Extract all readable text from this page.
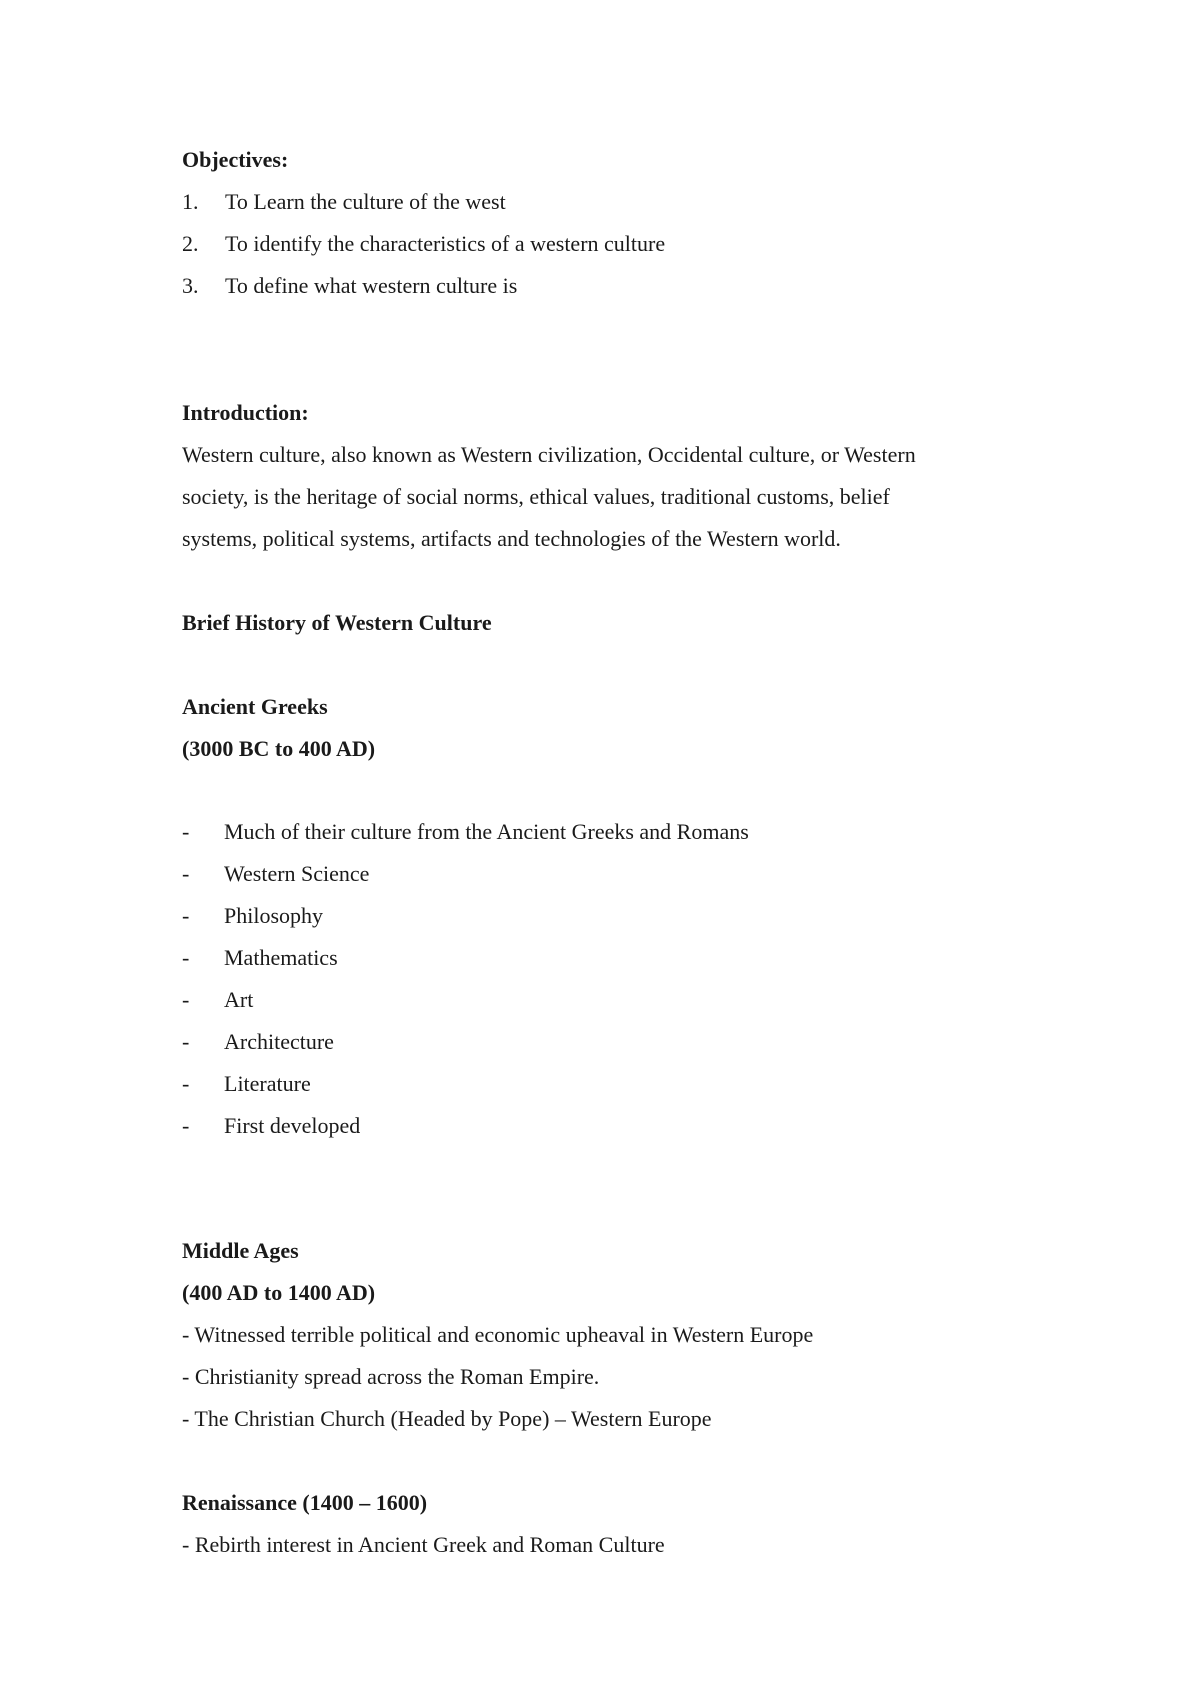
Objectives:
1.	To Learn the culture of the west
2.	To identify the characteristics of a western culture
3.	To define what western culture is
Introduction:
Western culture, also known as Western civilization, Occidental culture, or Western
society, is the heritage of social norms, ethical values, traditional customs, belief
systems, political systems, artifacts and technologies of the Western world.
Brief History of Western Culture
Ancient Greeks
(3000 BC to 400 AD)
-	Much of their culture from the Ancient Greeks and Romans
-	Western Science
-	Philosophy
-	Mathematics
-	Art
-	Architecture
-	Literature
-	First developed
Middle Ages
(400 AD to 1400 AD)
- Witnessed terrible political and economic upheaval in Western Europe
- Christianity spread across the Roman Empire.
- The Christian Church (Headed by Pope) – Western Europe
Renaissance (1400 – 1600)
- Rebirth interest in Ancient Greek and Roman Culture
